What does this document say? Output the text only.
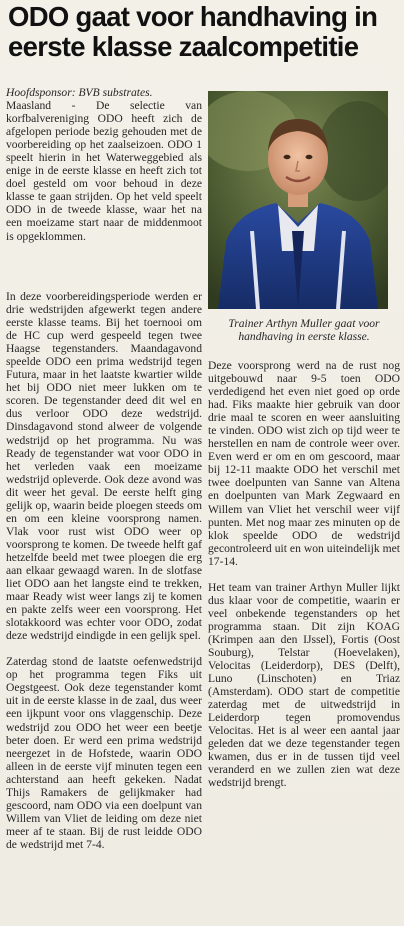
ODO gaat voor handhaving in
eerste klasse zaalcompetitie

Hoofdsponsor: BVB substrates.

Maasland - De selectie van korfbalvereniging ODO heeft zich de afgelopen periode bezig gehouden met de voorbereiding op het zaalseizoen. ODO 1 speelt hierin in het Waterweggebied als enige in de eerste klasse en heeft zich tot doel gesteld om voor behoud in deze klasse te gaan strijden. Op het veld speelt ODO in de tweede klasse, waar het na een moeizame start naar de middenmoot is opgeklommen.

Trainer Arthyn Muller gaat voor handhaving in eerste klasse.

In deze voorbereidingsperiode werden er drie wedstrijden afgewerkt tegen andere eerste klasse teams. Bij het toernooi om de HC cup werd gespeeld tegen twee Haagse tegenstanders. Maandagavond speelde ODO een prima wedstrijd tegen Futura, maar in het laatste kwartier wilde het bij ODO niet meer lukken om te scoren. De tegenstander deed dit wel en dus verloor ODO deze wedstrijd. Dinsdagavond stond alweer de volgende wedstrijd op het programma. Nu was Ready de tegenstander wat voor ODO in het verleden vaak een moeizame wedstrijd opleverde. Ook deze avond was dit weer het geval. De eerste helft ging gelijk op, waarin beide ploegen steeds om en om een kleine voorsprong namen. Vlak voor rust wist ODO weer op voorsprong te komen. De tweede helft gaf hetzelfde beeld met twee ploegen die erg aan elkaar gewaagd waren. In de slotfase liet ODO aan het langste eind te trekken, maar Ready wist weer langs zij te komen en pakte zelfs weer een voorsprong. Het slotakkoord was echter voor ODO, zodat deze wedstrijd eindigde in een gelijk spel.

Zaterdag stond de laatste oefenwedstrijd op het programma tegen Fiks uit Oegstgeest. Ook deze tegenstander komt uit in de eerste klasse in de zaal, dus weer een ijkpunt voor ons vlaggenschip. Deze wedstrijd zou ODO het weer een beetje beter doen. Er werd een prima wedstrijd neergezet in de Hofstede, waarin ODO alleen in de eerste vijf minuten tegen een achterstand aan heeft gekeken. Nadat Thijs Ramakers de gelijkmaker had gescoord, nam ODO via een doelpunt van Willem van Vliet de leiding om deze niet meer af te staan. Bij de rust leidde ODO de wedstrijd met 7-4.

Deze voorsprong werd na de rust nog uitgebouwd naar 9-5 toen ODO verdedigend het even niet goed op orde had. Fiks maakte hier gebruik van door drie maal te scoren en weer aansluiting te vinden. ODO wist zich op tijd weer te herstellen en nam de controle weer over. Even werd er om en om gescoord, maar bij 12-11 maakte ODO het verschil met twee doelpunten van Sanne van Altena en doelpunten van Mark Zegwaard en Willem van Vliet het verschil weer vijf punten. Met nog maar zes minuten op de klok speelde ODO de wedstrijd gecontroleerd uit en won uiteindelijk met 17-14.

Het team van trainer Arthyn Muller lijkt dus klaar voor de competitie, waarin er veel onbekende tegenstanders op het programma staan. Dit zijn KOAG (Krimpen aan den IJssel), Fortis (Oost Souburg), Telstar (Hoevelaken), Velocitas (Leiderdorp), DES (Delft), Luno (Linschoten) en Triaz (Amsterdam). ODO start de competitie zaterdag met de uitwedstrijd in Leiderdorp tegen promovendus Velocitas. Het is al weer een aantal jaar geleden dat we deze tegenstander tegen kwamen, dus er in de tussen tijd veel veranderd en we zullen zien wat deze wedstrijd brengt.
